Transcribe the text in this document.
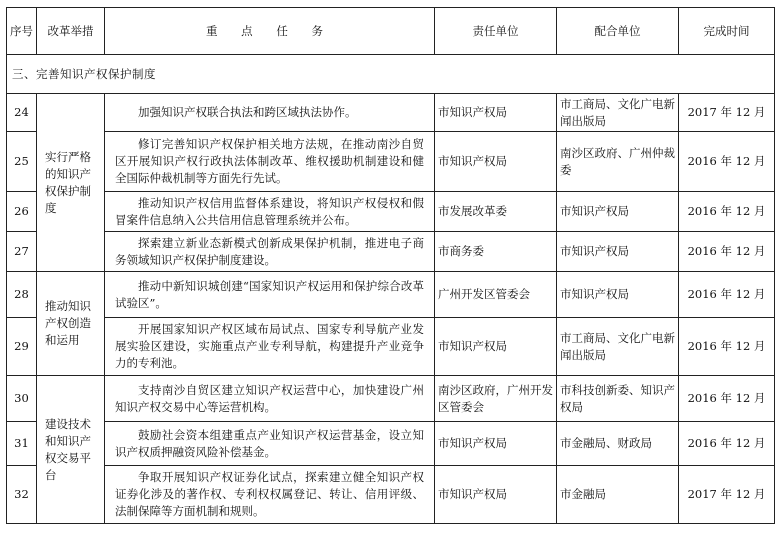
序号	改革举措	重 点 任 务	责任单位	配合单位	完成时间
三、完善知识产权保护制度					
24	实行严格的知识产权保护制度	加强知识产权联合执法和跨区域执法协作。	市知识产权局	市工商局、文化广电新闻出版局	2017 年 12 月
25		修订完善知识产权保护相关地方法规，在推动南沙自贸区开展知识产权行政执法体制改革、维权援助机制建设和健全国际仲裁机制等方面先行先试。	市知识产权局	南沙区政府、广州仲裁委	2016 年 12 月
26		推动知识产权信用监督体系建设，将知识产权侵权和假冒案件信息纳入公共信用信息管理系统并公布。	市发展改革委	市知识产权局	2016 年 12 月
27		探索建立新业态新模式创新成果保护机制，推进电子商务领域知识产权保护制度建设。	市商务委	市知识产权局	2016 年 12 月
28	推动知识产权创造和运用	推动中新知识城创建“国家知识产权运用和保护综合改革试验区”。	广州开发区管委会	市知识产权局	2016 年 12 月
29		开展国家知识产权区域布局试点、国家专利导航产业发展实验区建设，实施重点产业专利导航，构建提升产业竞争力的专利池。	市知识产权局	市工商局、文化广电新闻出版局	2016 年 12 月
30	建设技术和知识产权交易平台	支持南沙自贸区建立知识产权运营中心，加快建设广州知识产权交易中心等运营机构。	南沙区政府，广州开发区管委会	市科技创新委、知识产权局	2016 年 12 月
31		鼓励社会资本组建重点产业知识产权运营基金，设立知识产权质押融资风险补偿基金。	市知识产权局	市金融局、财政局	2016 年 12 月
32		争取开展知识产权证券化试点，探索建立健全知识产权证券化涉及的著作权、专利权权属登记、转让、信用评级、法制保障等方面机制和规则。	市知识产权局	市金融局	2017 年 12 月
